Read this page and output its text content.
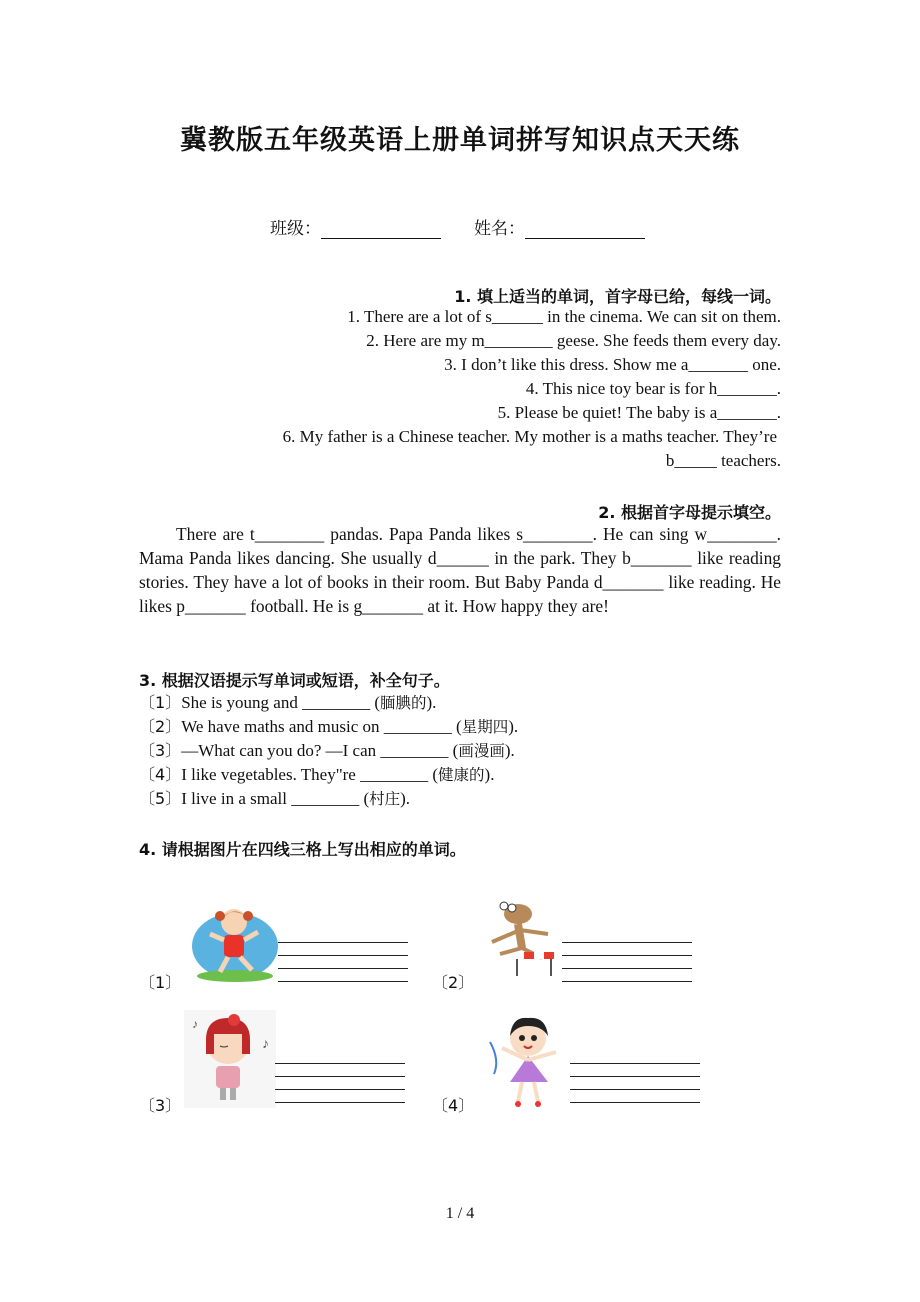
冀教版五年级英语上册单词拼写知识点天天练
班级：	姓名：
1. 填上适当的单词，首字母已给，每线一词。
1. There are a lot of s______ in the cinema. We can sit on them.
2. Here are my m________ geese. She feeds them every day.
3. I don’t like this dress. Show me a_______ one.
4. This nice toy bear is for h_______.
5. Please be quiet! The baby is a_______.
6. My father is a Chinese teacher. My mother is a maths teacher. They’re
b_____ teachers.
2. 根据首字母提示填空。
There are t________ pandas. Papa Panda likes s________. He can sing w________. Mama Panda likes dancing. She usually d______ in the park. They b_______ like reading stories. They have a lot of books in their room. But Baby Panda d_______ like reading. He likes p_______ football. He is g_______ at it. How happy they are!
3. 根据汉语提示写单词或短语，补全句子。
〔1〕She is young and ________ (腼腆的).
〔2〕We have maths and music on ________ (星期四).
〔3〕—What can you do? —I can ________ (画漫画).
〔4〕I like vegetables. They"re ________ (健康的).
〔5〕I live in a small ________ (村庄).
4. 请根据图片在四线三格上写出相应的单词。
〔1〕	〔2〕
〔3〕
♪
♪
〔4〕
1 / 4
